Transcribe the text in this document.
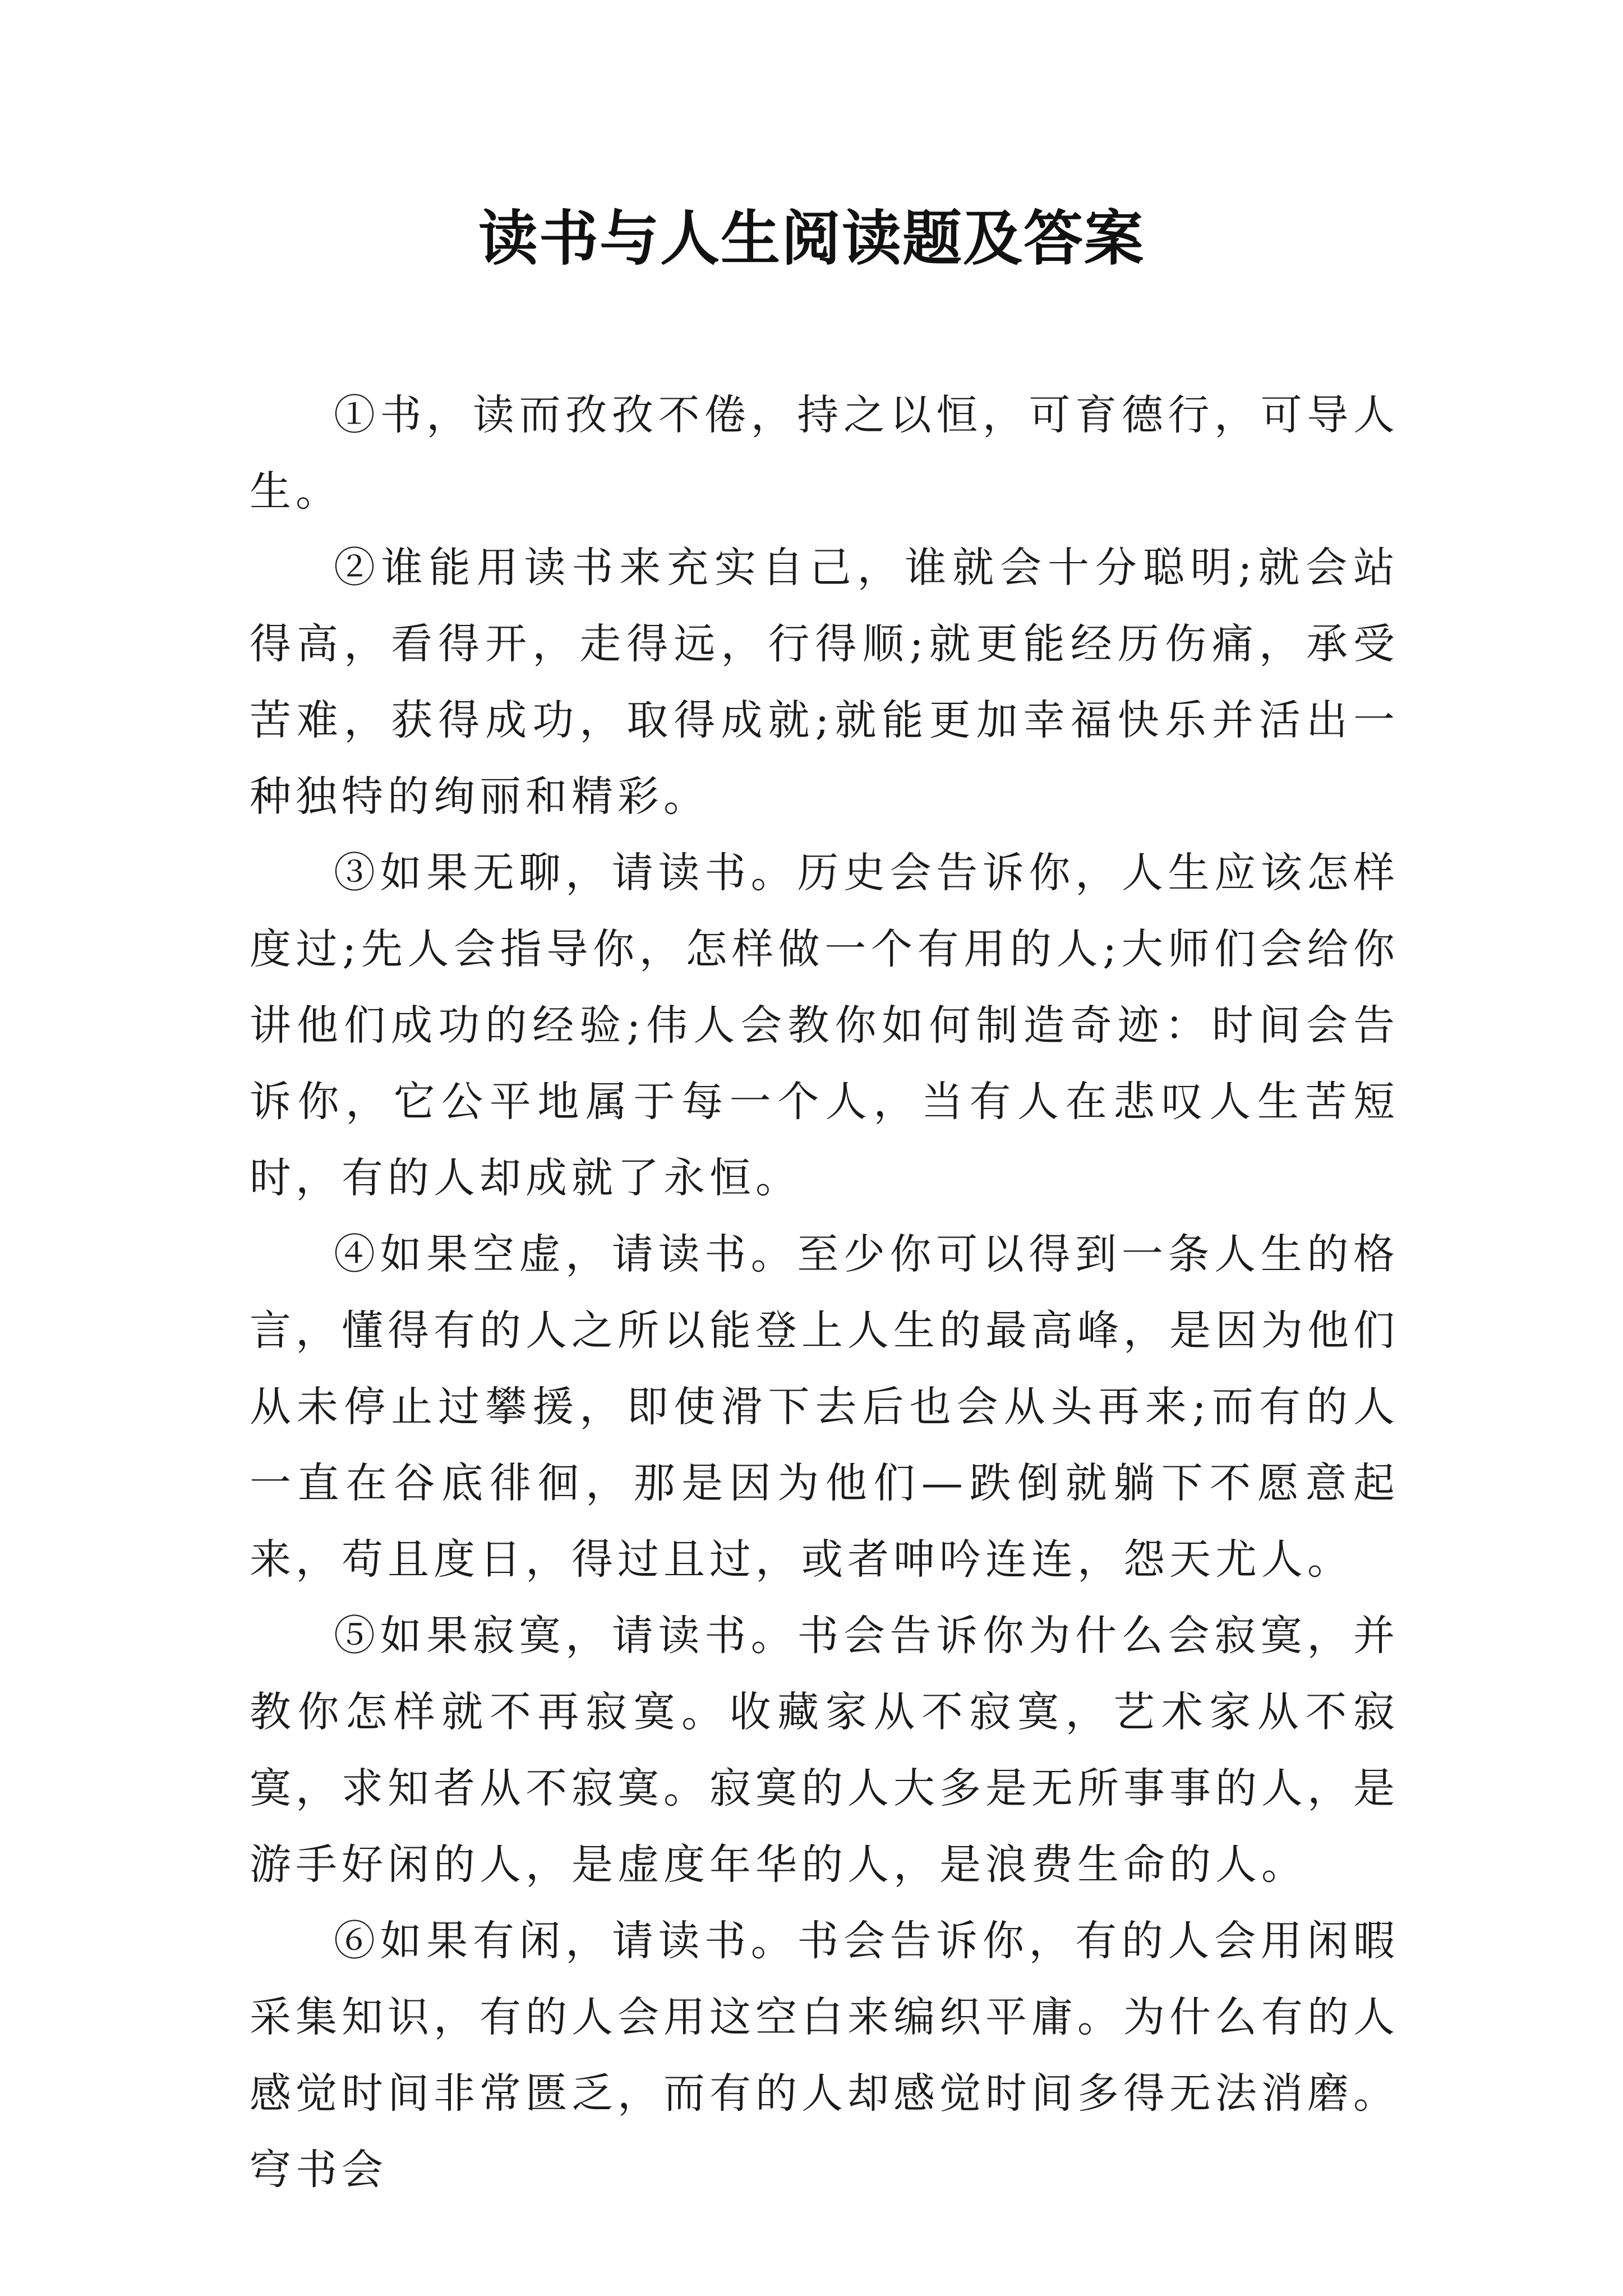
读书与人生阅读题及答案

①书，读而孜孜不倦，持之以恒，可育德行，可导人生。

②谁能用读书来充实自己，谁就会十分聪明;就会站得高，看得开，走得远，行得顺;就更能经历伤痛，承受苦难，获得成功，取得成就;就能更加幸福快乐并活出一种独特的绚丽和精彩。

③如果无聊，请读书。历史会告诉你，人生应该怎样度过;先人会指导你，怎样做一个有用的人;大师们会给你讲他们成功的经验;伟人会教你如何制造奇迹：时间会告诉你，它公平地属于每一个人，当有人在悲叹人生苦短时，有的人却成就了永恒。

④如果空虚，请读书。至少你可以得到一条人生的格言，懂得有的人之所以能登上人生的最高峰，是因为他们从未停止过攀援，即使滑下去后也会从头再来;而有的人一直在谷底徘徊，那是因为他们—跌倒就躺下不愿意起来，苟且度日，得过且过，或者呻吟连连，怨天尤人。

⑤如果寂寞，请读书。书会告诉你为什么会寂寞，并教你怎样就不再寂寞。收藏家从不寂寞，艺术家从不寂寞，求知者从不寂寞。寂寞的人大多是无所事事的人，是游手好闲的人，是虚度年华的人，是浪费生命的人。

⑥如果有闲，请读书。书会告诉你，有的人会用闲暇采集知识，有的人会用这空白来编织平庸。为什么有的人感觉时间非常匮乏，而有的人却感觉时间多得无法消磨。穹书会
